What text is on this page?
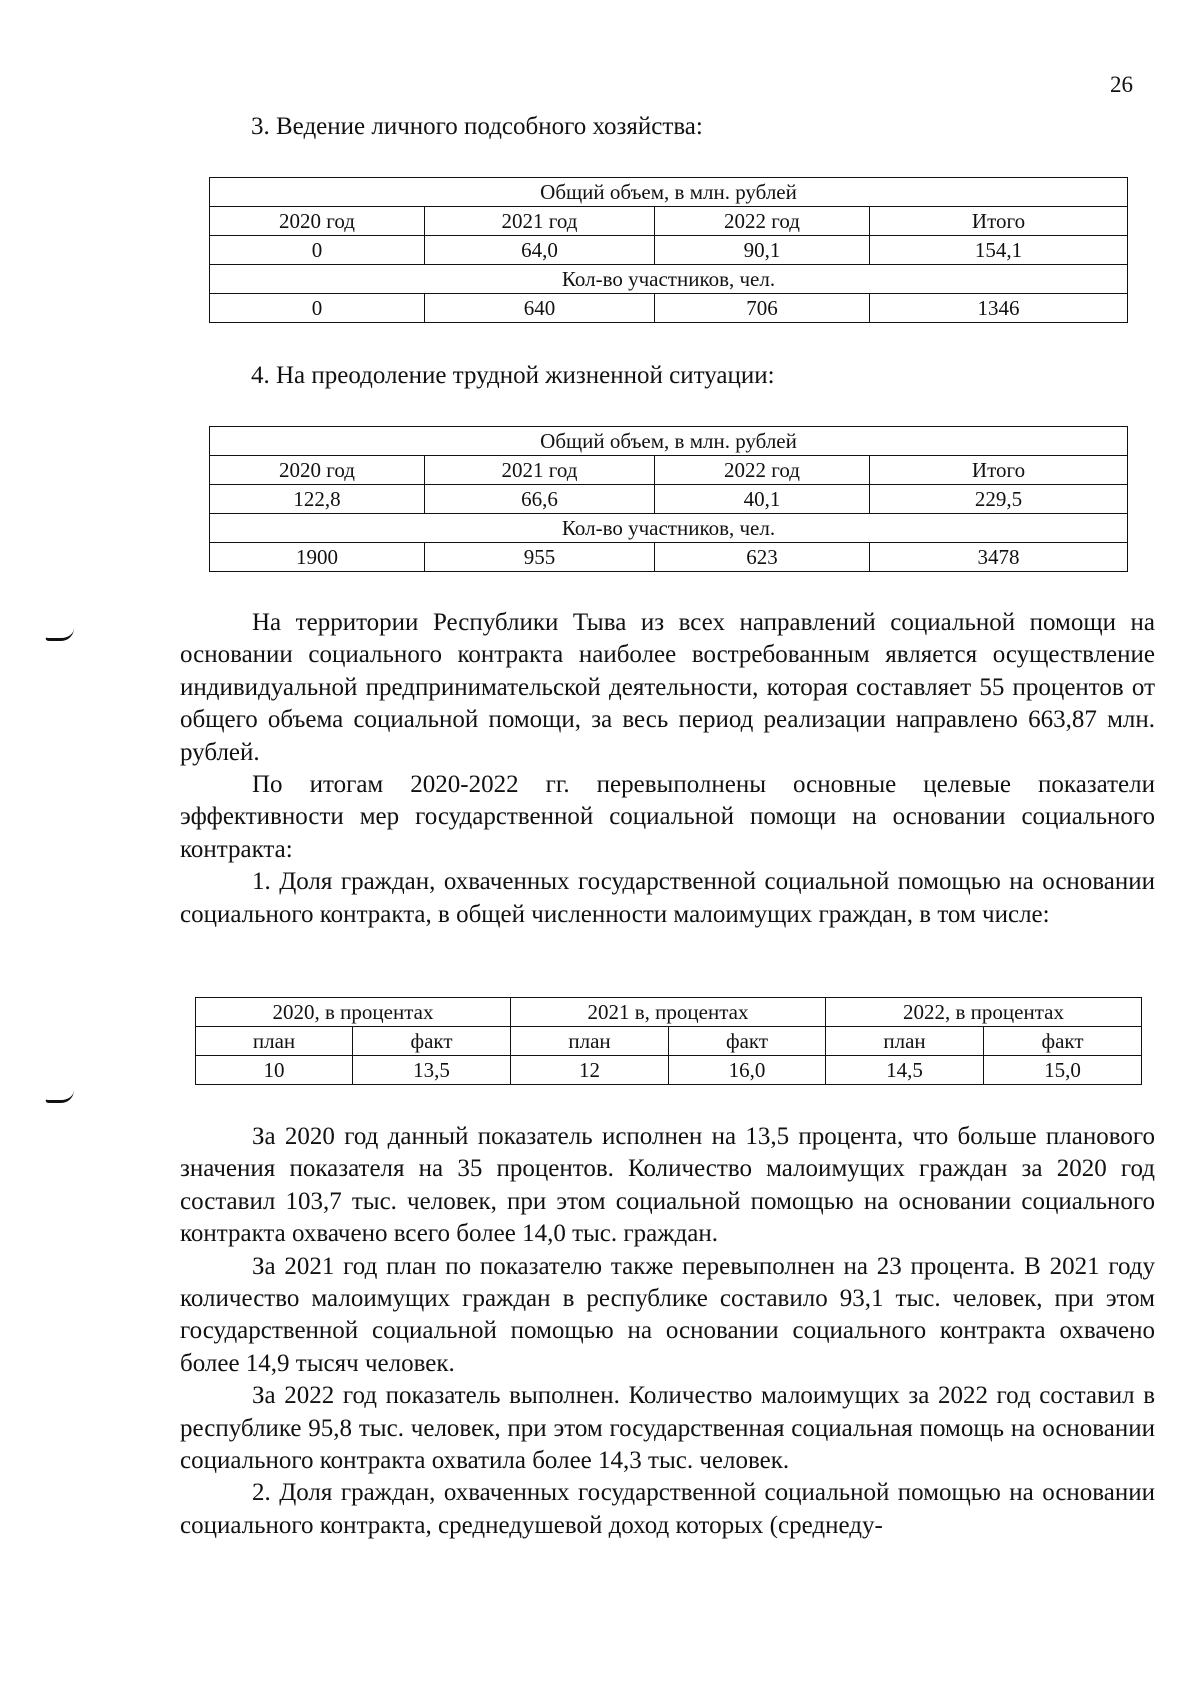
26
3. Ведение личного подсобного хозяйства:
Общий объем, в млн. рублей			
2020 год	2021 год	2022 год	Итого
0	64,0	90,1	154,1
Кол-во участников, чел.			
0	640	706	1346
4. На преодоление трудной жизненной ситуации:
Общий объем, в млн. рублей			
2020 год	2021 год	2022 год	Итого
122,8	66,6	40,1	229,5
Кол-во участников, чел.			
1900	955	623	3478

На территории Республики Тыва из всех направлений социальной помощи на основании социального контракта наиболее востребованным является осуществление индивидуальной предпринимательской деятельности, которая составляет 55 процентов от общего объема социальной помощи, за весь период реализации направлено 663,87 млн. рублей.

По итогам 2020-2022 гг. перевыполнены основные целевые показатели эффективности мер государственной социальной помощи на основании социального контракта:

1. Доля граждан, охваченных государственной социальной помощью на основании социального контракта, в общей численности малоимущих граждан, в том числе:

2020, в процентах		2021 в, процентах		2022, в процентах	
план	факт	план	факт	план	факт
10	13,5	12	16,0	14,5	15,0

За 2020 год данный показатель исполнен на 13,5 процента, что больше планового значения показателя на 35 процентов. Количество малоимущих граждан за 2020 год составил 103,7 тыс. человек, при этом социальной помощью на основании социального контракта охвачено всего более 14,0 тыс. граждан.

За 2021 год план по показателю также перевыполнен на 23 процента. В 2021 году количество малоимущих граждан в республике составило 93,1 тыс. человек, при этом государственной социальной помощью на основании социального контракта охвачено более 14,9 тысяч человек.

За 2022 год показатель выполнен. Количество малоимущих за 2022 год составил в республике 95,8 тыс. человек, при этом государственная социальная помощь на основании социального контракта охватила более 14,3 тыс. человек.

2. Доля граждан, охваченных государственной социальной помощью на основании социального контракта, среднедушевой доход которых (среднеду-
